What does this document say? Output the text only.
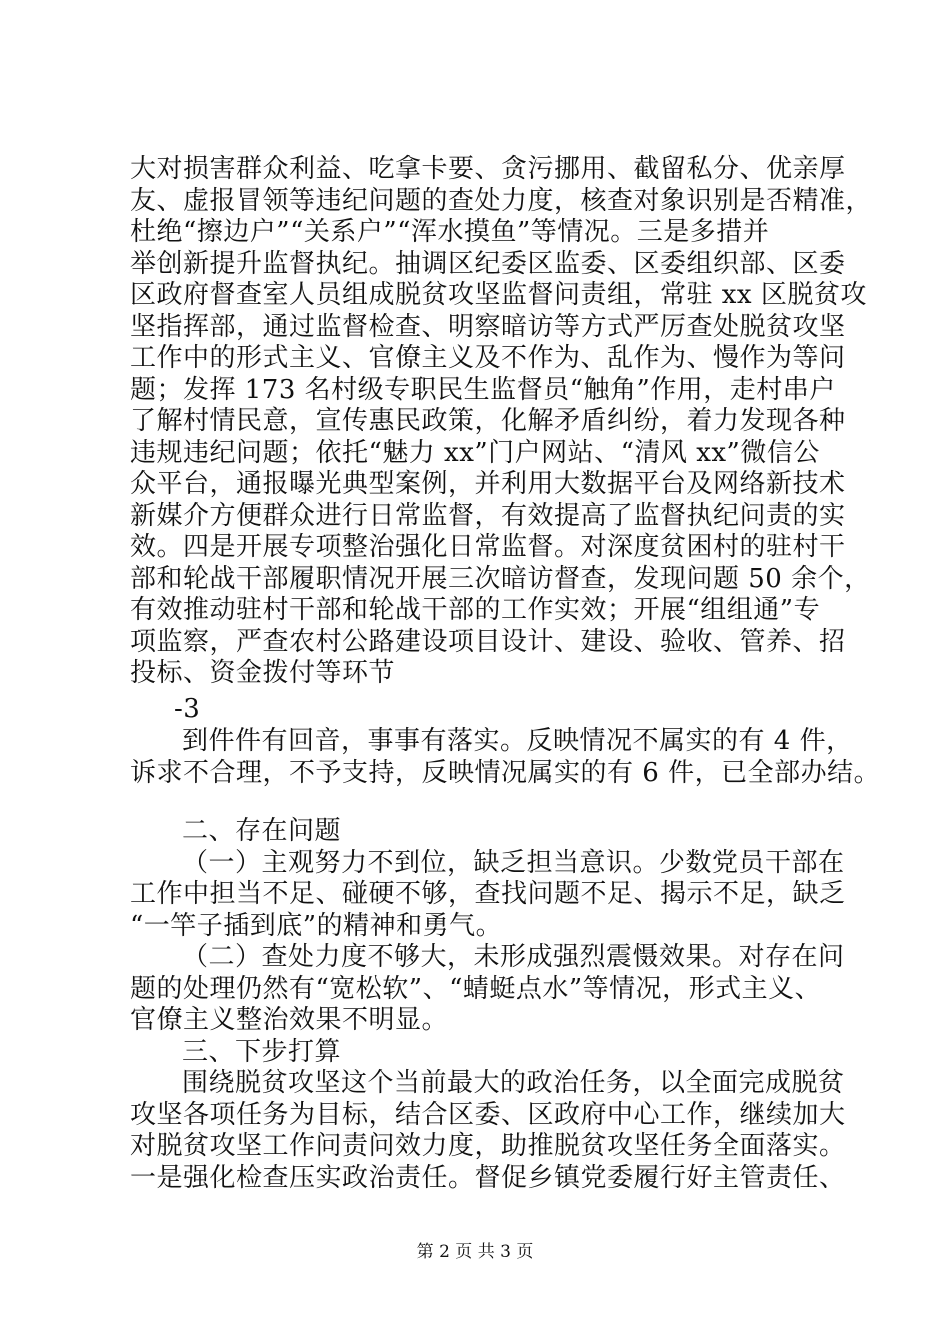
大对损害群众利益、吃拿卡要、贪污挪用、截留私分、优亲厚
友、虚报冒领等违纪问题的查处力度，核查对象识别是否精准，
杜绝“擦边户”“关系户”“浑水摸鱼”等情况。三是多措并
举创新提升监督执纪。抽调区纪委区监委、区委组织部、区委
区政府督查室人员组成脱贫攻坚监督问责组，常驻 xx 区脱贫攻
坚指挥部，通过监督检查、明察暗访等方式严厉查处脱贫攻坚
工作中的形式主义、官僚主义及不作为、乱作为、慢作为等问
题；发挥 173 名村级专职民生监督员“触角”作用，走村串户
了解村情民意，宣传惠民政策，化解矛盾纠纷，着力发现各种
违规违纪问题；依托“魅力 xx”门户网站、“清风 xx”微信公
众平台，通报曝光典型案例，并利用大数据平台及网络新技术
新媒介方便群众进行日常监督，有效提高了监督执纪问责的实
效。四是开展专项整治强化日常监督。对深度贫困村的驻村干
部和轮战干部履职情况开展三次暗访督查，发现问题 50 余个，
有效推动驻村干部和轮战干部的工作实效；开展“组组通”专
项监察，严查农村公路建设项目设计、建设、验收、管养、招
投标、资金拨付等环节
-3
到件件有回音，事事有落实。反映情况不属实的有 4 件，
诉求不合理，不予支持，反映情况属实的有 6 件，已全部办结。
二、存在问题
（一）主观努力不到位，缺乏担当意识。少数党员干部在
工作中担当不足、碰硬不够，查找问题不足、揭示不足，缺乏
“一竿子插到底”的精神和勇气。
（二）查处力度不够大，未形成强烈震慑效果。对存在问
题的处理仍然有“宽松软”、“蜻蜓点水”等情况，形式主义、
官僚主义整治效果不明显。
三、下步打算
围绕脱贫攻坚这个当前最大的政治任务，以全面完成脱贫
攻坚各项任务为目标，结合区委、区政府中心工作，继续加大
对脱贫攻坚工作问责问效力度，助推脱贫攻坚任务全面落实。
一是强化检查压实政治责任。督促乡镇党委履行好主管责任、
第 2 页 共 3 页
